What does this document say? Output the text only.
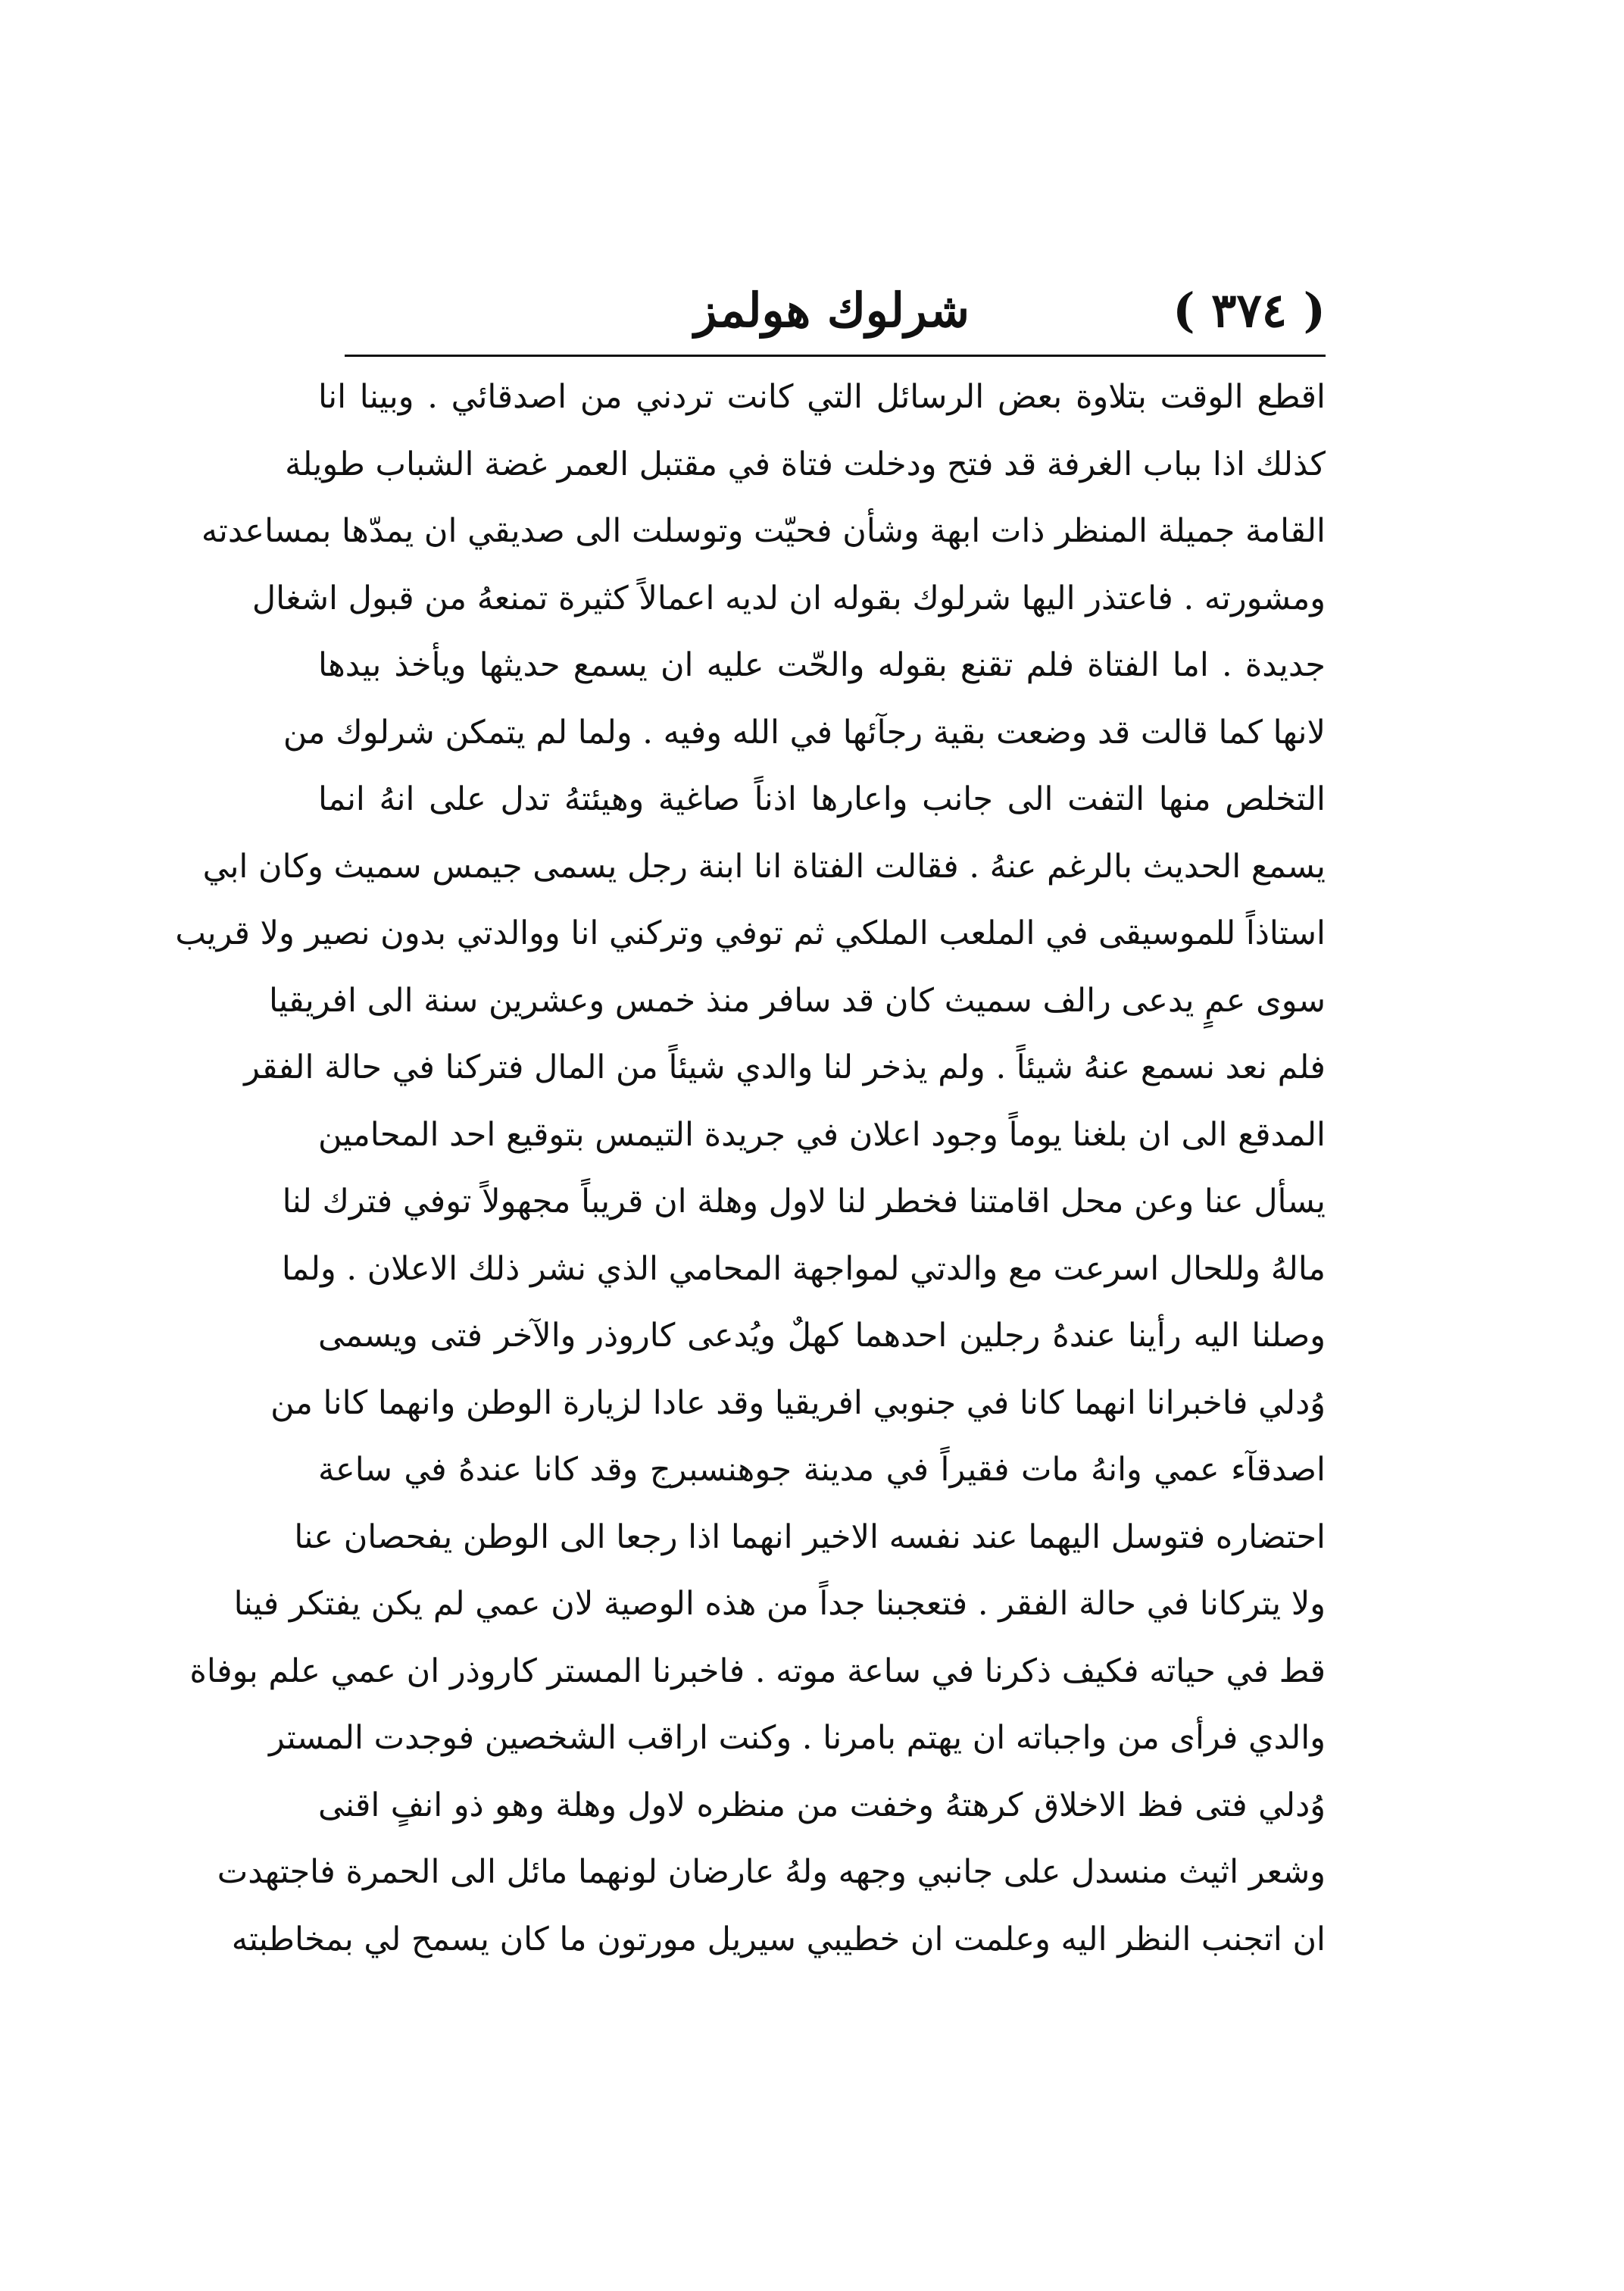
( ٣٧٤ )
شرلوك هولمز
اقطع الوقت بتلاوة بعض الرسائل التي كانت تردني من اصدقائي . وبينا انا
كذلك اذا بباب الغرفة قد فتح ودخلت فتاة في مقتبل العمر غضة الشباب طويلة
القامة جميلة المنظر ذات ابهة وشأن فحيّت وتوسلت الى صديقي ان يمدّها بمساعدته
ومشورته . فاعتذر اليها شرلوك بقوله ان لديه اعمالاً كثيرة تمنعهُ من قبول اشغال
جديدة . اما الفتاة فلم تقنع بقوله والحّت عليه ان يسمع حديثها ويأخذ بيدها
لانها كما قالت قد وضعت بقية رجآئها في الله وفيه . ولما لم يتمكن شرلوك من
التخلص منها التفت الى جانب واعارها اذناً صاغية وهيئتهُ تدل على انهُ انما
يسمع الحديث بالرغم عنهُ . فقالت الفتاة انا ابنة رجل يسمى جيمس سميث وكان ابي
استاذاً للموسيقى في الملعب الملكي ثم توفي وتركني انا ووالدتي بدون نصير ولا قريب
سوى عمٍ يدعى رالف سميث كان قد سافر منذ خمس وعشرين سنة الى افريقيا
فلم نعد نسمع عنهُ شيئاً . ولم يذخر لنا والدي شيئاً من المال فتركنا في حالة الفقر
المدقع الى ان بلغنا يوماً وجود اعلان في جريدة التيمس بتوقيع احد المحامين
يسأل عنا وعن محل اقامتنا فخطر لنا لاول وهلة ان قريباً مجهولاً توفي فترك لنا
مالهُ وللحال اسرعت مع والدتي لمواجهة المحامي الذي نشر ذلك الاعلان . ولما
وصلنا اليه رأينا عندهُ رجلين احدهما كهلٌ ويُدعى كاروذر والآخر فتى ويسمى
وُدلي فاخبرانا انهما كانا في جنوبي افريقيا وقد عادا لزيارة الوطن وانهما كانا من
اصدقآء عمي وانهُ مات فقيراً في مدينة جوهنسبرج وقد كانا عندهُ في ساعة
احتضاره فتوسل اليهما عند نفسه الاخير انهما اذا رجعا الى الوطن يفحصان عنا
ولا يتركانا في حالة الفقر . فتعجبنا جداً من هذه الوصية لان عمي لم يكن يفتكر فينا
قط في حياته فكيف ذكرنا في ساعة موته . فاخبرنا المستر كاروذر ان عمي علم بوفاة
والدي فرأى من واجباته ان يهتم بامرنا . وكنت اراقب الشخصين فوجدت المستر
وُدلي فتى فظ الاخلاق كرهتهُ وخفت من منظره لاول وهلة وهو ذو انفٍ اقنى
وشعر اثيث منسدل على جانبي وجهه ولهُ عارضان لونهما مائل الى الحمرة فاجتهدت
ان اتجنب النظر اليه وعلمت ان خطيبي سيريل مورتون ما كان يسمح لي بمخاطبته
